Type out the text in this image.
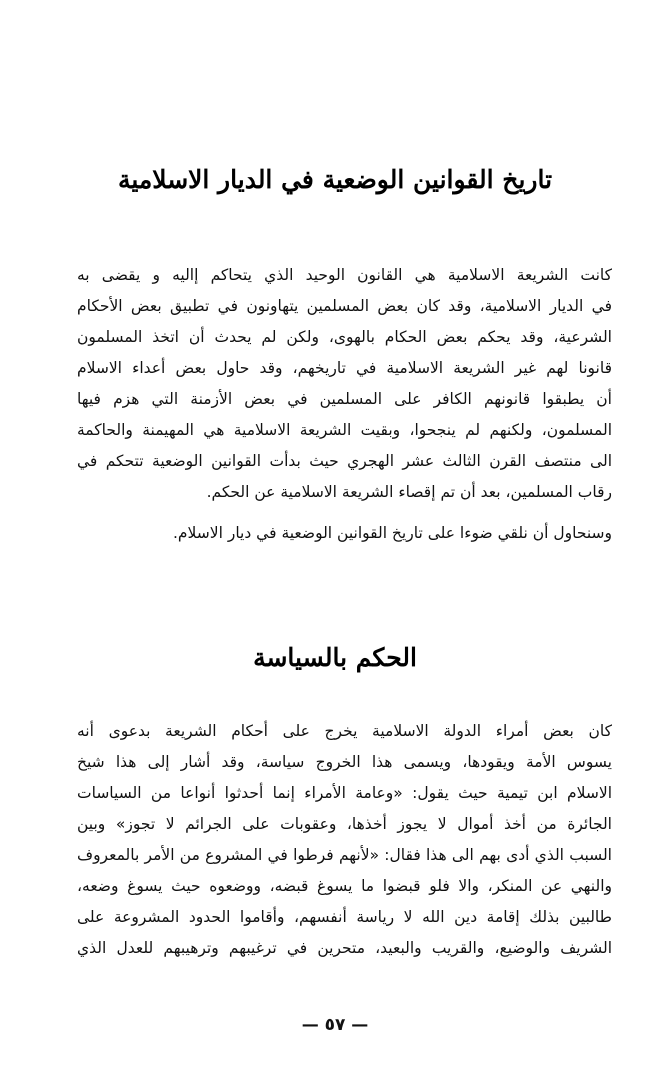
تاريخ القوانين الوضعية في الديار الاسلامية
كانت الشريعة الاسلامية هي القانون الوحيد الذي يتحاكم إاليه و يقضى به
في الديار الاسلامية، وقد كان بعض المسلمين يتهاونون في تطبيق بعض الأحكام
الشرعية، وقد يحكم بعض الحكام بالهوى، ولكن لم يحدث أن اتخذ المسلمون
قانونا لهم غير الشريعة الاسلامية في تاريخهم، وقد حاول بعض أعداء الاسلام
أن يطبقوا قانونهم الكافر على المسلمين في بعض الأزمنة التي هزم فيها
المسلمون، ولكنهم لم ينجحوا، وبقيت الشريعة الاسلامية هي المهيمنة والحاكمة
الى منتصف القرن الثالث عشر الهجري حيث بدأت القوانين الوضعية تتحكم في
رقاب المسلمين، بعد أن تم إقصاء الشريعة الاسلامية عن الحكم.
وسنحاول أن نلقي ضوءا على تاريخ القوانين الوضعية في ديار الاسلام.
الحكم بالسياسة
كان بعض أمراء الدولة الاسلامية يخرج على أحكام الشريعة بدعوى أنه
يسوس الأمة ويقودها، ويسمى هذا الخروج سياسة، وقد أشار إلى هذا شيخ
الاسلام ابن تيمية حيث يقول: «وعامة الأمراء إنما أحدثوا أنواعا من السياسات
الجائرة من أخذ أموال لا يجوز أخذها، وعقوبات على الجرائم لا تجوز» وبين
السبب الذي أدى بهم الى هذا فقال: «لأنهم فرطوا في المشروع من الأمر بالمعروف
والنهي عن المنكر، والا فلو قبضوا ما يسوغ قبضه، ووضعوه حيث يسوغ وضعه،
طالبين بذلك إقامة دين الله لا رياسة أنفسهم، وأقاموا الحدود المشروعة على
الشريف والوضيع، والقريب والبعيد، متحرين في ترغيبهم وترهيبهم للعدل الذي
— ٥٧ —
